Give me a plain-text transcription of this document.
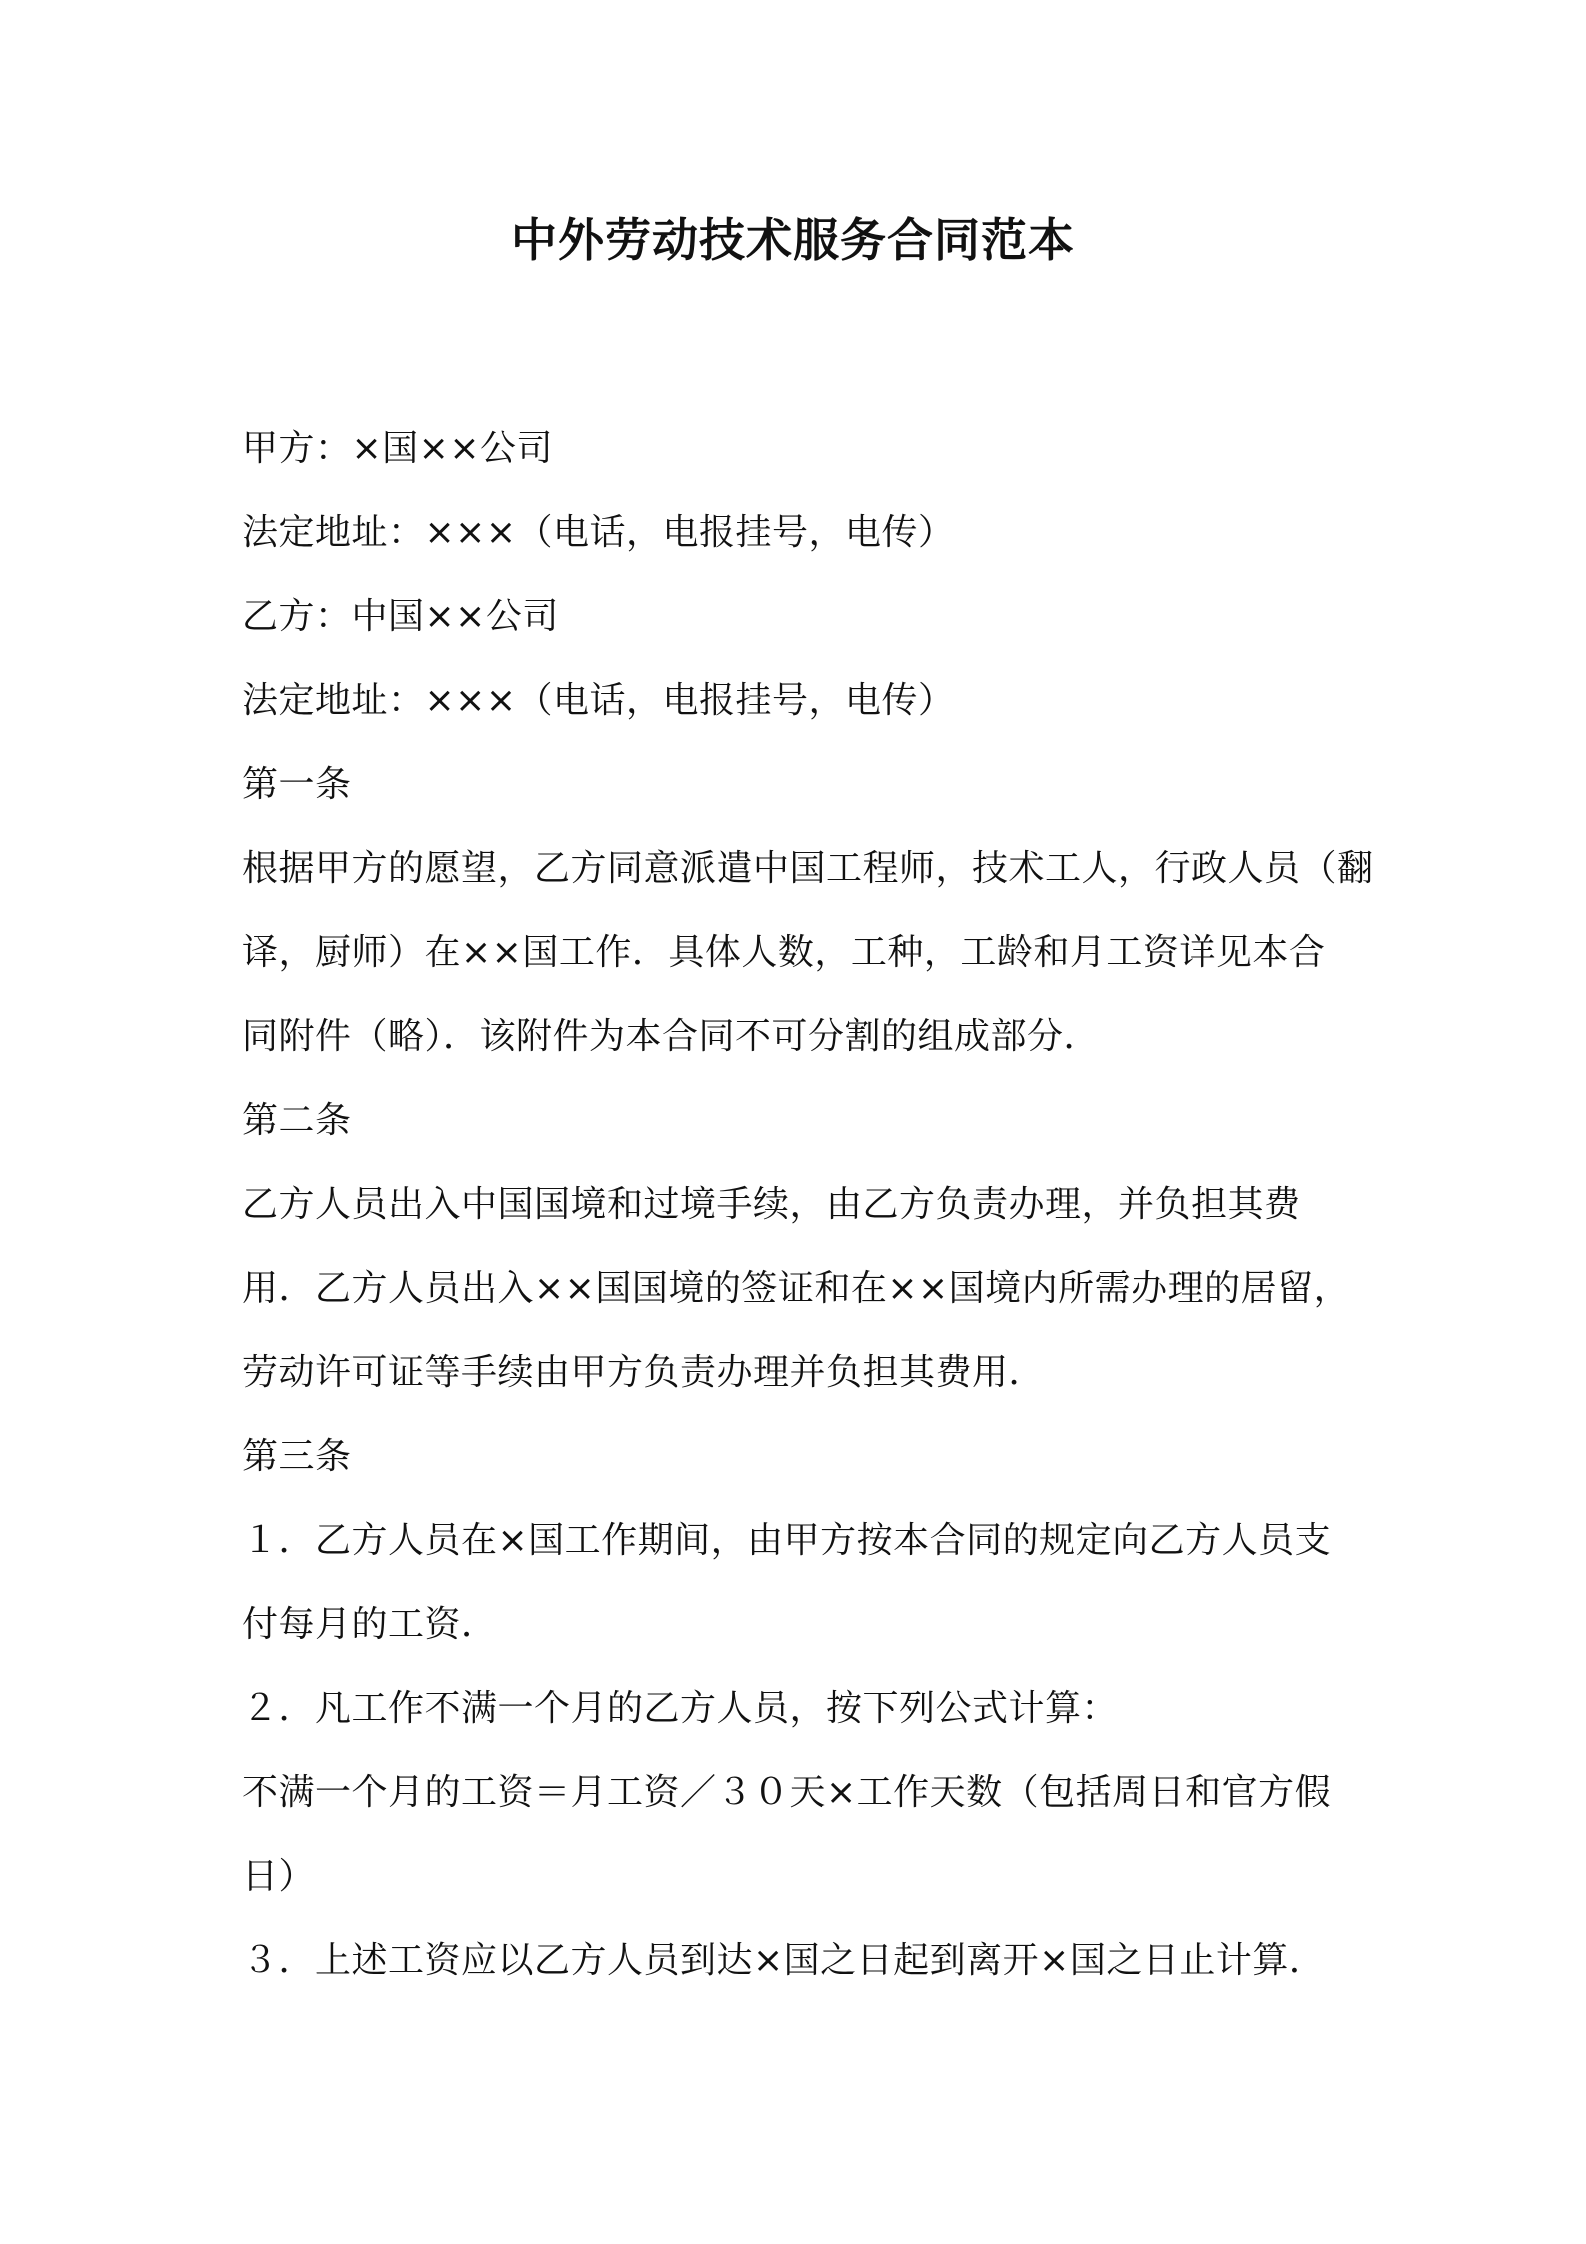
中外劳动技术服务合同范本
甲方：×国××公司
法定地址：×××（电话，电报挂号，电传）
乙方：中国××公司
法定地址：×××（电话，电报挂号，电传）
第一条
根据甲方的愿望，乙方同意派遣中国工程师，技术工人，行政人员（翻
译，厨师）在××国工作．具体人数，工种，工龄和月工资详见本合
同附件（略）．该附件为本合同不可分割的组成部分．
第二条
乙方人员出入中国国境和过境手续，由乙方负责办理，并负担其费
用．乙方人员出入××国国境的签证和在××国境内所需办理的居留，
劳动许可证等手续由甲方负责办理并负担其费用．
第三条
１．乙方人员在×国工作期间，由甲方按本合同的规定向乙方人员支
付每月的工资．
２．凡工作不满一个月的乙方人员，按下列公式计算：
不满一个月的工资＝月工资／３０天×工作天数（包括周日和官方假
日）
３．上述工资应以乙方人员到达×国之日起到离开×国之日止计算．
